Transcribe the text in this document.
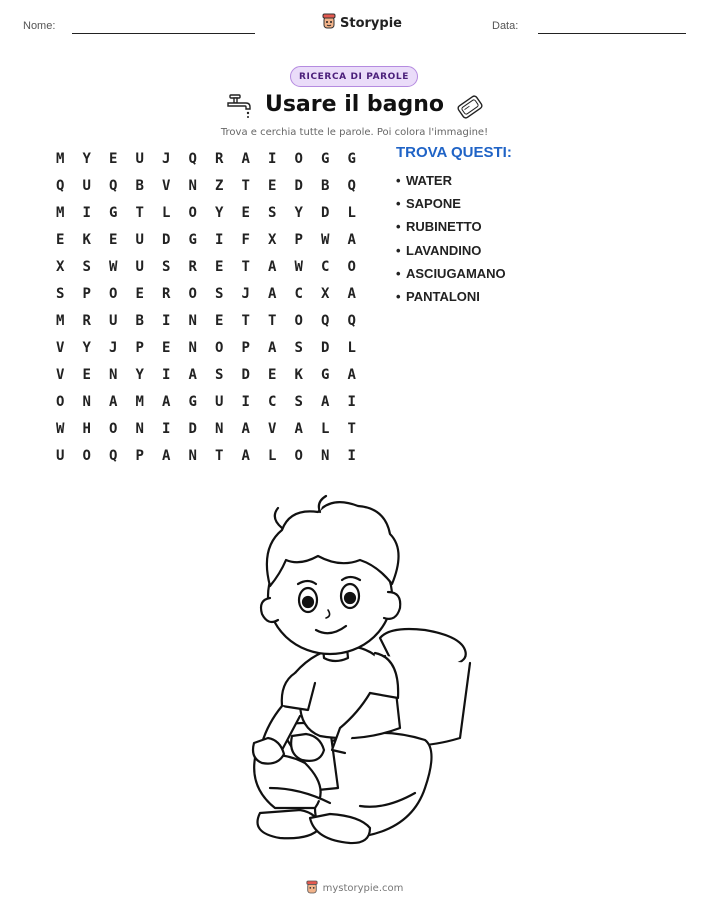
Nome:	Storypie	Data:
RICERCA DI PAROLE
Usare il bagno
Trova e cerchia tutte le parole. Poi colora l'immagine!
M	Y	E	U	J	Q	R	A	I	O	G	G
Q	U	Q	B	V	N	Z	T	E	D	B	Q
M	I	G	T	L	O	Y	E	S	Y	D	L
E	K	E	U	D	G	I	F	X	P	W	A
X	S	W	U	S	R	E	T	A	W	C	O
S	P	O	E	R	O	S	J	A	C	X	A
M	R	U	B	I	N	E	T	T	O	Q	Q
V	Y	J	P	E	N	O	P	A	S	D	L
V	E	N	Y	I	A	S	D	E	K	G	A
O	N	A	M	A	G	U	I	C	S	A	I
W	H	O	N	I	D	N	A	V	A	L	T
U	O	Q	P	A	N	T	A	L	O	N	I
TROVA QUESTI:
• WATER
• SAPONE
• RUBINETTO
• LAVANDINO
• ASCIUGAMANO
• PANTALONI
mystorypie.com
